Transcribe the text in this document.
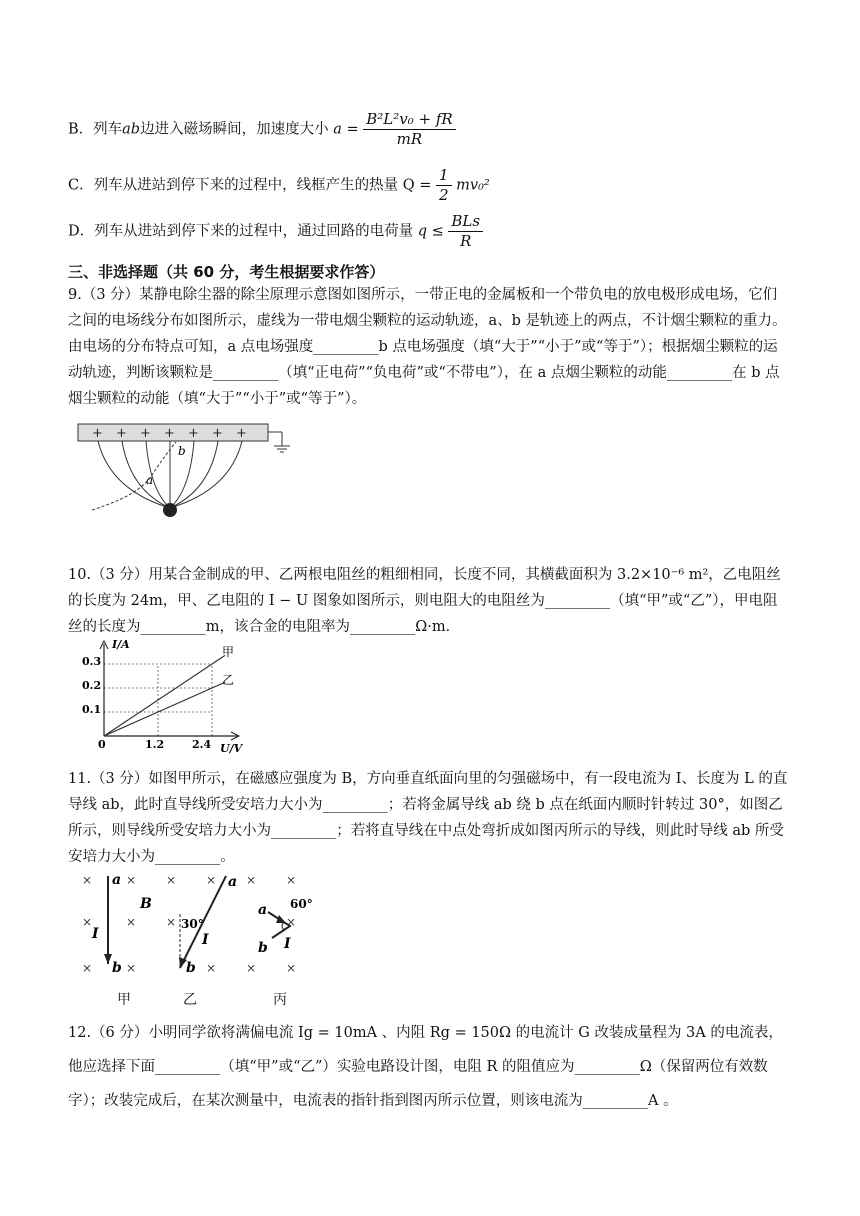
B．列车ab边进入磁场瞬间，加速度大小 $a = \frac{\text{B²L²v₀ + fR}}{mR}$
C．列车从进站到停下来的过程中，线框产生的热量 $Q = \frac{1}{2} mv_0^2$
D．列车从进站到停下来的过程中，通过回路的电荷量 $q \le \frac{\text{BLs}}{R}$
三、非选择题（共 60 分，考生根据要求作答）
9.（3 分）某静电除尘器的除尘原理示意图如图所示，一带正电的金属板和一个带负电的放电极形成电场，它们之间的电场线分布如图所示，虚线为一带电烟尘颗粒的运动轨迹，a、b 是轨迹上的两点，不计烟尘颗粒的重力。由电场的分布特点可知，a 点电场强度_________b 点电场强度（填“大于”“小于”或“等于”）；根据烟尘颗粒的运动轨迹，判断该颗粒是_________（填“正电荷”“负电荷”或“不带电”），在 a 点烟尘颗粒的动能_________在 b 点烟尘颗粒的动能（填“大于”“小于”或“等于”）。
+ + + + + + +
a
b
10.（3 分）用某合金制成的甲、乙两根电阻丝的粗细相同，长度不同，其横截面积为 3.2×10⁻⁶ m²，乙电阻丝的长度为 24m，甲、乙电阻的 I − U 图象如图所示，则电阻大的电阻丝为_________（填“甲”或“乙”），甲电阻丝的长度为_________m，该合金的电阻率为_________Ω·m．
I/A
U/V
0
0.1
0.2
0.3
1.2	2.4
甲
乙
11.（3 分）如图甲所示，在磁感应强度为 B，方向垂直纸面向里的匀强磁场中，有一段电流为 I、长度为 L 的直导线 ab，此时直导线所受安培力大小为_________；若将金属导线 ab 绕 b 点在纸面内顺时针转过 30°，如图乙所示，则导线所受安培力大小为_________；若将直导线在中点处弯折成如图丙所示的导线，则此时导线 ab 所受安培力大小为_________。
×	× × × × ×
×	× ×	×
×	×	× × ×
a
b
I
B
a
b
30°
I
a
b
60°
I
甲	乙	丙
12.（6 分）小明同学欲将满偏电流 Ig = 10mA 、内阻 Rg = 150Ω 的电流计 G 改装成量程为 3A 的电流表，他应选择下面_________（填“甲”或“乙”）实验电路设计图，电阻 R 的阻值应为_________Ω（保留两位有效数字）；改装完成后，在某次测量中，电流表的指针指到图丙所示位置，则该电流为_________A 。
